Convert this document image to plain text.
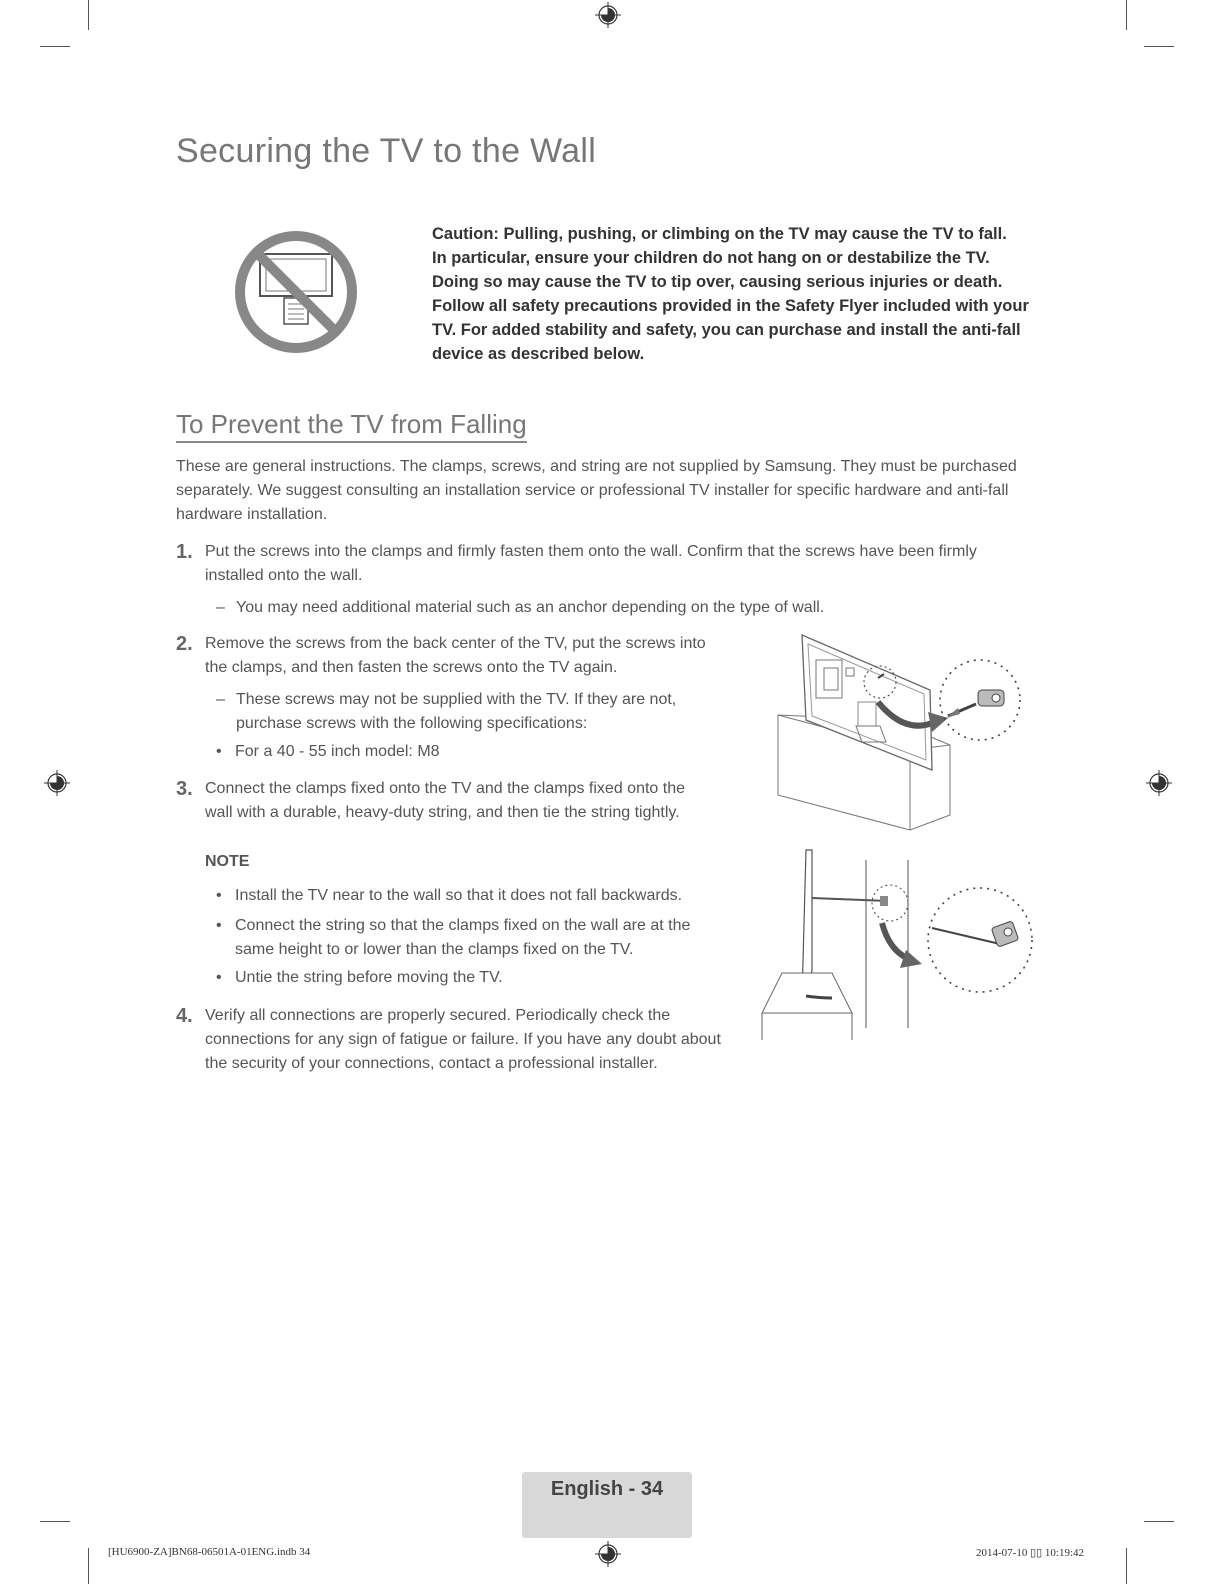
Securing the TV to the Wall

Caution: Pulling, pushing, or climbing on the TV may cause the TV to fall.

In particular, ensure your children do not hang on or destabilize the TV.

Doing so may cause the TV to tip over, causing serious injuries or death.

Follow all safety precautions provided in the Safety Flyer included with your

TV. For added stability and safety, you can purchase and install the anti-fall

device as described below.

To Prevent the TV from Falling
These are general instructions. The clamps, screws, and string are not supplied by Samsung. They must be purchased separately. We suggest consulting an installation service or professional TV installer for specific hardware and anti-fall hardware installation.
1. Put the screws into the clamps and firmly fasten them onto the wall. Confirm that the screws have been firmly installed onto the wall.
– You may need additional material such as an anchor depending on the type of wall.
2. Remove the screws from the back center of the TV, put the screws into the clamps, and then fasten the screws onto the TV again.
– These screws may not be supplied with the TV. If they are not, purchase screws with the following specifications:
• For a 40 - 55 inch model: M8
3. Connect the clamps fixed onto the TV and the clamps fixed onto the wall with a durable, heavy-duty string, and then tie the string tightly.
NOTE
• Install the TV near to the wall so that it does not fall backwards.
• Connect the string so that the clamps fixed on the wall are at the same height to or lower than the clamps fixed on the TV.
• Untie the string before moving the TV.
4. Verify all connections are properly secured. Periodically check the connections for any sign of fatigue or failure. If you have any doubt about the security of your connections, contact a professional installer.
English - 34
[HU6900-ZA]BN68-06501A-01ENG.indb 34	2014-07-10 ▯▯ 10:19:42
